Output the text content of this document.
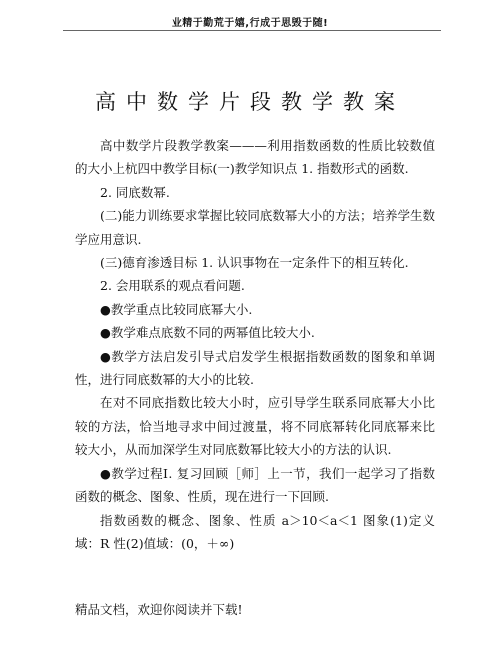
业精于勤荒于嬉,行成于思毁于随!
高中数学片段教学教案

高中数学片段教学教案———利用指数函数的性质比较数值的大小上杭四中教学目标(一)教学知识点 1. 指数形式的函数.

2. 同底数幂.

(二)能力训练要求掌握比较同底数幂大小的方法；培养学生数学应用意识.

(三)德育渗透目标 1. 认识事物在一定条件下的相互转化.

2. 会用联系的观点看问题.

●教学重点比较同底幂大小.

●教学难点底数不同的两幂值比较大小.

●教学方法启发引导式启发学生根据指数函数的图象和单调性，进行同底数幂的大小的比较.

在对不同底指数比较大小时，应引导学生联系同底幂大小比较的方法，恰当地寻求中间过渡量，将不同底幂转化同底幂来比较大小，从而加深学生对同底数幂比较大小的方法的认识.

●教学过程Ⅰ. 复习回顾［师］上一节，我们一起学习了指数函数的概念、图象、性质，现在进行一下回顾.

指数函数的概念、图象、性质 a＞10＜a＜1 图象(1)定义域：R 性(2)值域：(0，＋∞)

精品文档，欢迎你阅读并下载!
